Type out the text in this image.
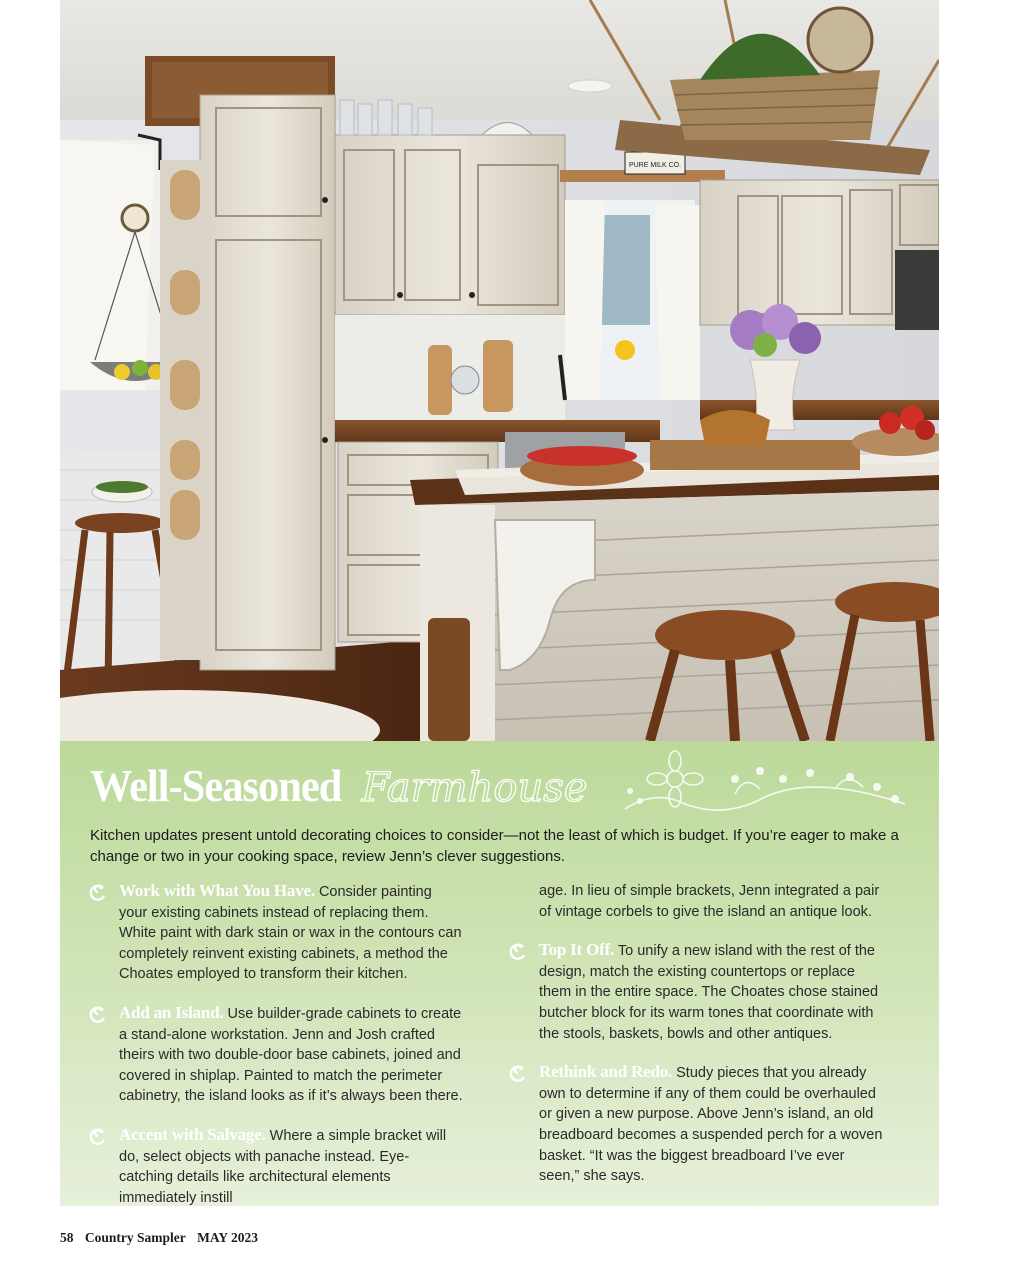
PURE MILK CO.
Well-Seasoned Farmhouse
Kitchen updates present untold decorating choices to consider—not the least of which is budget. If you’re eager to make a change or two in your cooking space, review Jenn’s clever suggestions.
Work with What You Have. Consider painting your existing cabinets instead of replacing them. White paint with dark stain or wax in the contours can completely reinvent existing cabinets, a method the Choates employed to transform their kitchen.
Add an Island. Use builder-grade cabinets to create a stand-alone workstation. Jenn and Josh crafted theirs with two double-door base cabinets, joined and covered in shiplap. Painted to match the perimeter cabinetry, the island looks as if it’s always been there.
Accent with Salvage. Where a simple bracket will do, select objects with panache instead. Eye-catching details like architectural elements immediately instill
age. In lieu of simple brackets, Jenn integrated a pair of vintage corbels to give the island an antique look.
Top It Off. To unify a new island with the rest of the design, match the existing countertops or replace them in the entire space. The Choates chose stained butcher block for its warm tones that coordinate with the stools, baskets, bowls and other antiques.
Rethink and Redo. Study pieces that you already own to determine if any of them could be overhauled or given a new purpose. Above Jenn’s island, an old breadboard becomes a suspended perch for a woven basket. “It was the biggest breadboard I’ve ever seen,” she says.
58 Country Sampler MAY 2023
